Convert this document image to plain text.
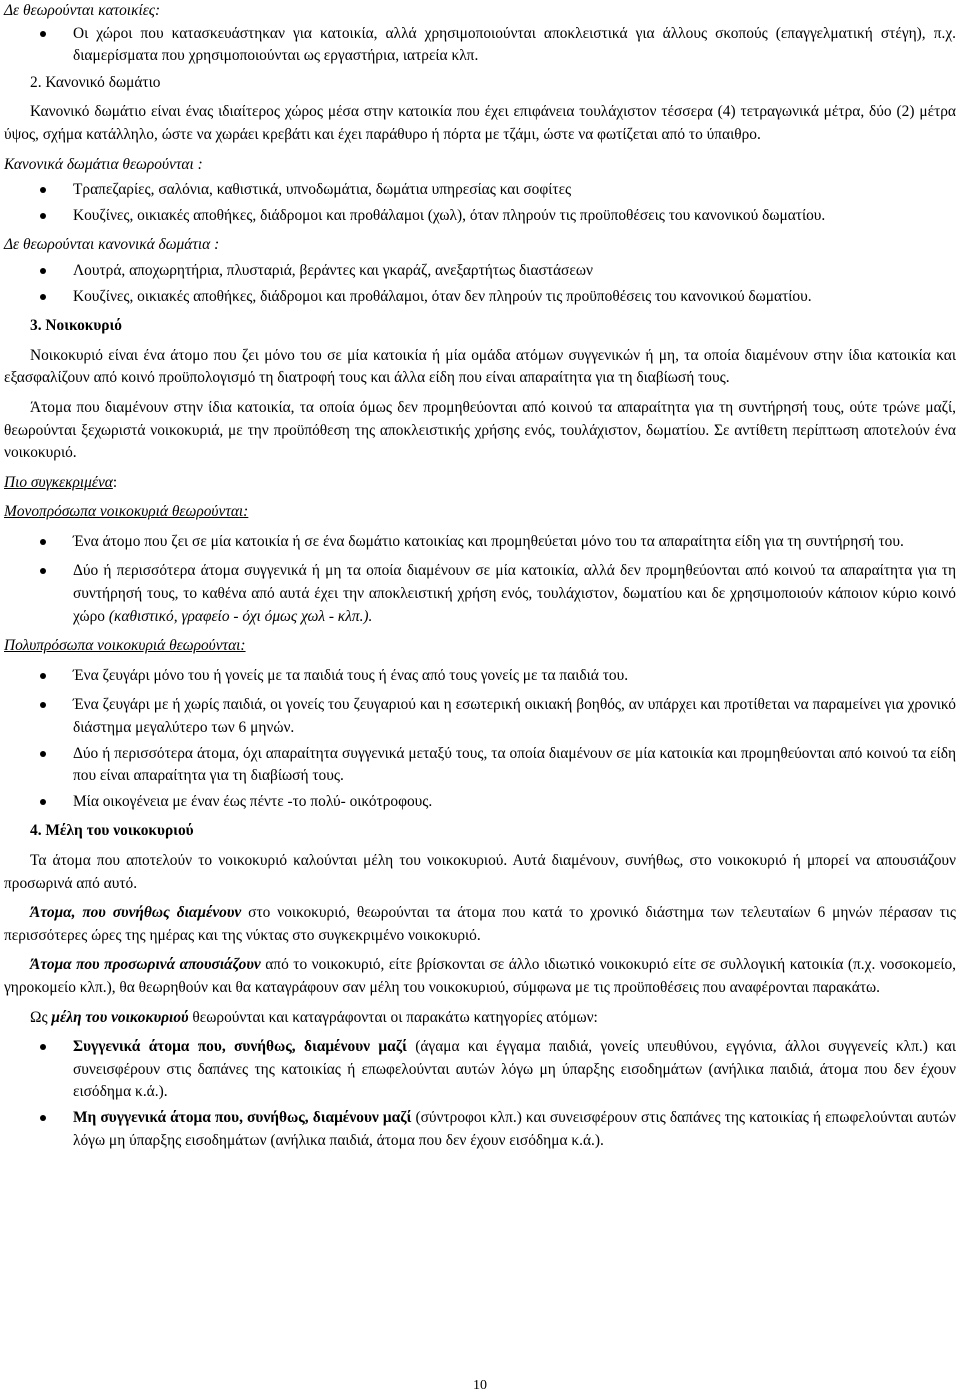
Δε θεωρούνται κατοικίες:

Οι χώροι που κατασκευάστηκαν για κατοικία, αλλά χρησιμοποιούνται αποκλειστικά για άλλους σκοπούς (επαγγελματική στέγη), π.χ. διαμερίσματα που χρησιμοποιούνται ως εργαστήρια, ιατρεία κλπ.

2. Κανονικό δωμάτιο

Κανονικό δωμάτιο είναι ένας ιδιαίτερος χώρος μέσα στην κατοικία που έχει επιφάνεια τουλάχιστον τέσσερα (4) τετραγωνικά μέτρα, δύο (2) μέτρα ύψος, σχήμα κατάλληλο, ώστε να χωράει κρεβάτι και έχει παράθυρο ή πόρτα με τζάμι, ώστε να φωτίζεται από το ύπαιθρο.

Κανονικά δωμάτια θεωρούνται :

Τραπεζαρίες, σαλόνια, καθιστικά, υπνοδωμάτια, δωμάτια υπηρεσίας και σοφίτες
Κουζίνες, οικιακές αποθήκες, διάδρομοι και προθάλαμοι (χωλ), όταν πληρούν τις προϋποθέσεις του κανονικού δωματίου.

Δε θεωρούνται κανονικά δωμάτια :

Λουτρά, αποχωρητήρια, πλυσταριά, βεράντες και γκαράζ, ανεξαρτήτως διαστάσεων
Κουζίνες, οικιακές αποθήκες, διάδρομοι και προθάλαμοι, όταν δεν πληρούν τις προϋποθέσεις του κανονικού δωματίου.

3. Νοικοκυριό

Νοικοκυριό είναι ένα άτομο που ζει μόνο του σε μία κατοικία ή μία ομάδα ατόμων συγγενικών ή μη, τα οποία διαμένουν στην ίδια κατοικία και εξασφαλίζουν από κοινό προϋπολογισμό τη διατροφή τους και άλλα είδη που είναι απαραίτητα για τη διαβίωσή τους.

Άτομα που διαμένουν στην ίδια κατοικία, τα οποία όμως δεν προμηθεύονται από κοινού τα απαραίτητα για τη συντήρησή τους, ούτε τρώνε μαζί, θεωρούνται ξεχωριστά νοικοκυριά, με την προϋπόθεση της αποκλειστικής χρήσης ενός, τουλάχιστον, δωματίου. Σε αντίθετη περίπτωση αποτελούν ένα νοικοκυριό.

Πιο συγκεκριμένα:

Μονοπρόσωπα νοικοκυριά θεωρούνται:

Ένα άτομο που ζει σε μία κατοικία ή σε ένα δωμάτιο κατοικίας και προμηθεύεται μόνο του τα απαραίτητα είδη για τη συντήρησή του.
Δύο ή περισσότερα άτομα συγγενικά ή μη τα οποία διαμένουν σε μία κατοικία, αλλά δεν προμηθεύονται από κοινού τα απαραίτητα για τη συντήρησή τους, το καθένα από αυτά έχει την αποκλειστική χρήση ενός, τουλάχιστον, δωματίου και δε χρησιμοποιούν κάποιον κύριο κοινό χώρο (καθιστικό, γραφείο - όχι όμως χωλ - κλπ.).

Πολυπρόσωπα νοικοκυριά θεωρούνται:

Ένα ζευγάρι μόνο του ή γονείς με τα παιδιά τους ή ένας από τους γονείς με τα παιδιά του.
Ένα ζευγάρι με ή χωρίς παιδιά, οι γονείς του ζευγαριού και η εσωτερική οικιακή βοηθός, αν υπάρχει και προτίθεται να παραμείνει για χρονικό διάστημα μεγαλύτερο των 6 μηνών.
Δύο ή περισσότερα άτομα, όχι απαραίτητα συγγενικά μεταξύ τους, τα οποία διαμένουν σε μία κατοικία και προμηθεύονται από κοινού τα είδη που είναι απαραίτητα για τη διαβίωσή τους.
Μία οικογένεια με έναν έως πέντε -το πολύ- οικότροφους.

4. Μέλη του νοικοκυριού

Τα άτομα που αποτελούν το νοικοκυριό καλούνται μέλη του νοικοκυριού. Αυτά διαμένουν, συνήθως, στο νοικοκυριό ή μπορεί να απουσιάζουν προσωρινά από αυτό.

Άτομα, που συνήθως διαμένουν στο νοικοκυριό, θεωρούνται τα άτομα που κατά το χρονικό διάστημα των τελευταίων 6 μηνών πέρασαν τις περισσότερες ώρες της ημέρας και της νύκτας στο συγκεκριμένο νοικοκυριό.

Άτομα που προσωρινά απουσιάζουν από το νοικοκυριό, είτε βρίσκονται σε άλλο ιδιωτικό νοικοκυριό είτε σε συλλογική κατοικία (π.χ. νοσοκομείο, γηροκομείο κλπ.), θα θεωρηθούν και θα καταγράφουν σαν μέλη του νοικοκυριού, σύμφωνα με τις προϋποθέσεις που αναφέρονται παρακάτω.

Ως μέλη του νοικοκυριού θεωρούνται και καταγράφονται οι παρακάτω κατηγορίες ατόμων:

Συγγενικά άτομα που, συνήθως, διαμένουν μαζί (άγαμα και έγγαμα παιδιά, γονείς υπευθύνου, εγγόνια, άλλοι συγγενείς κλπ.) και συνεισφέρουν στις δαπάνες της κατοικίας ή επωφελούνται αυτών λόγω μη ύπαρξης εισοδημάτων (ανήλικα παιδιά, άτομα που δεν έχουν εισόδημα κ.ά.).
Μη συγγενικά άτομα που, συνήθως, διαμένουν μαζί (σύντροφοι κλπ.) και συνεισφέρουν στις δαπάνες της κατοικίας ή επωφελούνται αυτών λόγω μη ύπαρξης εισοδημάτων (ανήλικα παιδιά, άτομα που δεν έχουν εισόδημα κ.ά.).
10
